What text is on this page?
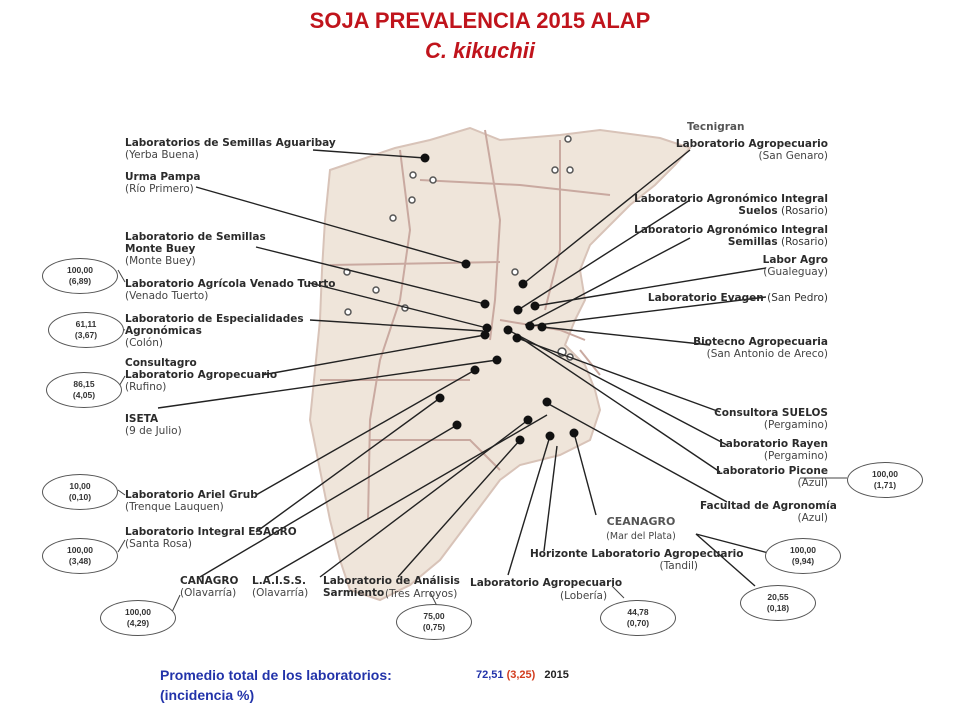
SOJA PREVALENCIA 2015 ALAP
C. kikuchii
Laboratorios de Semillas Aguaribay
(Yerba Buena)
Urma Pampa
(Río Primero)
Laboratorio de Semillas
Monte Buey
(Monte Buey)
Laboratorio Agrícola Venado Tuerto
(Venado Tuerto)
Laboratorio de Especialidades
Agronómicas
(Colón)
Consultagro
Laboratorio Agropecuario
(Rufino)
ISETA
(9 de Julio)
Laboratorio Ariel Grub
(Trenque Lauquen)
Laboratorio Integral ESAGRO
(Santa Rosa)
CANAGRO
(Olavarría)
L.A.I.S.S.
(Olavarría)
Laboratorio de Análisis
Sarmiento (Tres Arroyos)
Laboratorio Agropecuario
(Lobería)
Horizonte Laboratorio Agropecuario
(Tandil)
CEANAGRO
(Mar del Plata)
Tecnigran
Laboratorio Agropecuario
(San Genaro)
Laboratorio Agronómico Integral
Suelos (Rosario)
Laboratorio Agronómico Integral
Semillas (Rosario)
Labor Agro
(Gualeguay)
Laboratorio Evagen (San Pedro)
Biotecno Agropecuaria
(San Antonio de Areco)
Consultora SUELOS
(Pergamino)
Laboratorio Rayen
(Pergamino)
Laboratorio Picone
(Azul)
Facultad de Agronomía
(Azul)
100,00
(6,89)
61,11
(3,67)
86,15
(4,05)
10,00
(0,10)
100,00
(3,48)
100,00
(4,29)
75,00
(0,75)
44,78
(0,70)
100,00
(1,71)
100,00
(9,94)
20,55
(0,18)
Promedio total de los laboratorios:
(incidencia %)
72,51 (3,25) 2015
